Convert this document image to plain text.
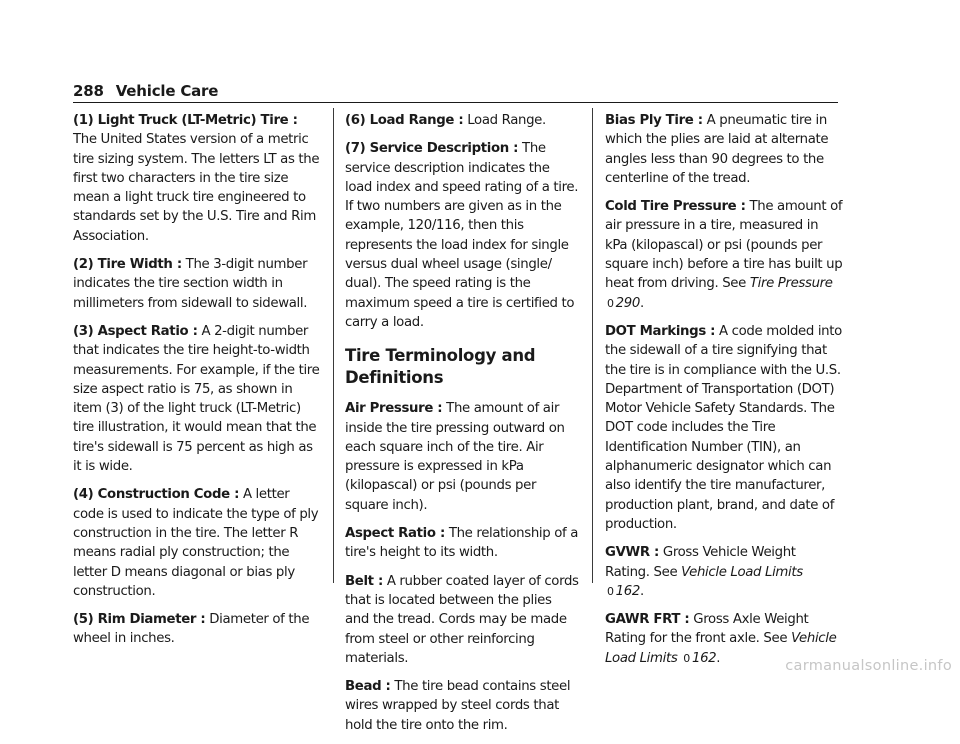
288 Vehicle Care

(1) Light Truck (LT-Metric) Tire : The United States version of a metric tire sizing system. The letters LT as the first two characters in the tire size mean a light truck tire engineered to standards set by the U.S. Tire and Rim Association.

(2) Tire Width : The 3-digit number indicates the tire section width in millimeters from sidewall to sidewall.

(3) Aspect Ratio : A 2-digit number that indicates the tire height-to-width measurements. For example, if the tire size aspect ratio is 75, as shown in item (3) of the light truck (LT-Metric) tire illustration, it would mean that the tire's sidewall is 75 percent as high as it is wide.

(4) Construction Code : A letter code is used to indicate the type of ply construction in the tire. The letter R means radial ply construction; the letter D means diagonal or bias ply construction.

(5) Rim Diameter : Diameter of the wheel in inches.

(6) Load Range : Load Range.

(7) Service Description : The service description indicates the load index and speed rating of a tire. If two numbers are given as in the example, 120/116, then this represents the load index for single versus dual wheel usage (single/ dual). The speed rating is the maximum speed a tire is certified to carry a load.

Tire Terminology and Definitions

Air Pressure : The amount of air inside the tire pressing outward on each square inch of the tire. Air pressure is expressed in kPa (kilopascal) or psi (pounds per square inch).

Aspect Ratio : The relationship of a tire's height to its width.

Belt : A rubber coated layer of cords that is located between the plies and the tread. Cords may be made from steel or other reinforcing materials.

Bead : The tire bead contains steel wires wrapped by steel cords that hold the tire onto the rim.

Bias Ply Tire : A pneumatic tire in which the plies are laid at alternate angles less than 90 degrees to the centerline of the tread.

Cold Tire Pressure : The amount of air pressure in a tire, measured in kPa (kilopascal) or psi (pounds per square inch) before a tire has built up heat from driving. See Tire Pressure 0 290.

DOT Markings : A code molded into the sidewall of a tire signifying that the tire is in compliance with the U.S. Department of Transportation (DOT) Motor Vehicle Safety Standards. The DOT code includes the Tire Identification Number (TIN), an alphanumeric designator which can also identify the tire manufacturer, production plant, brand, and date of production.

GVWR : Gross Vehicle Weight Rating. See Vehicle Load Limits 0 162.

GAWR FRT : Gross Axle Weight Rating for the front axle. See Vehicle Load Limits 0 162.	carmanualsonline.info
